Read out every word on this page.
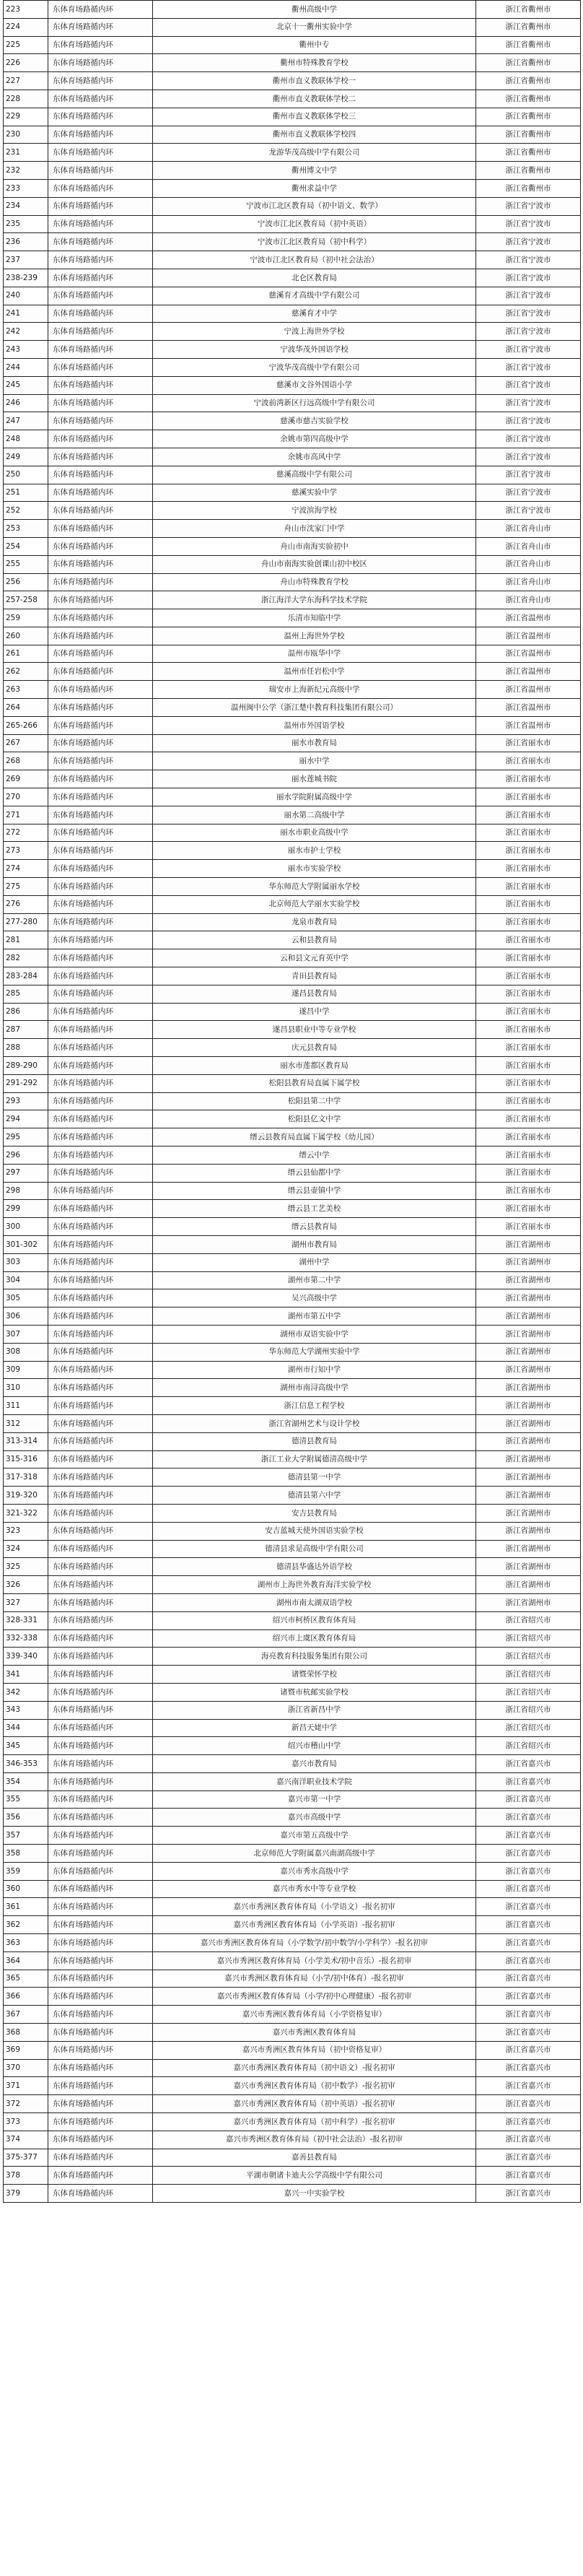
223	东体育场路循内环	衢州高级中学	浙江省衢州市
224	东体育场路循内环	北京十一衢州实验中学	浙江省衢州市
225	东体育场路循内环	衢州中专	浙江省衢州市
226	东体育场路循内环	衢州市特殊教育学校	浙江省衢州市
227	东体育场路循内环	衢州市直义教联体学校一	浙江省衢州市
228	东体育场路循内环	衢州市直义教联体学校二	浙江省衢州市
229	东体育场路循内环	衢州市直义教联体学校三	浙江省衢州市
230	东体育场路循内环	衢州市直义教联体学校四	浙江省衢州市
231	东体育场路循内环	龙游华茂高级中学有限公司	浙江省衢州市
232	东体育场路循内环	衢州博文中学	浙江省衢州市
233	东体育场路循内环	衢州求益中学	浙江省衢州市
234	东体育场路循内环	宁波市江北区教育局（初中语文、数学）	浙江省宁波市
235	东体育场路循内环	宁波市江北区教育局（初中英语）	浙江省宁波市
236	东体育场路循内环	宁波市江北区教育局（初中科学）	浙江省宁波市
237	东体育场路循内环	宁波市江北区教育局（初中社会法治）	浙江省宁波市
238-239	东体育场路循内环	北仑区教育局	浙江省宁波市
240	东体育场路循内环	慈溪育才高级中学有限公司	浙江省宁波市
241	东体育场路循内环	慈溪育才中学	浙江省宁波市
242	东体育场路循内环	宁波上海世外学校	浙江省宁波市
243	东体育场路循内环	宁波华茂外国语学校	浙江省宁波市
244	东体育场路循内环	宁波华茂高级中学有限公司	浙江省宁波市
245	东体育场路循内环	慈溪市文谷外国语小学	浙江省宁波市
246	东体育场路循内环	宁波前湾新区行远高级中学有限公司	浙江省宁波市
247	东体育场路循内环	慈溪市慈吉实验学校	浙江省宁波市
248	东体育场路循内环	余姚市第四高级中学	浙江省宁波市
249	东体育场路循内环	余姚市高风中学	浙江省宁波市
250	东体育场路循内环	慈溪高级中学有限公司	浙江省宁波市
251	东体育场路循内环	慈溪实验中学	浙江省宁波市
252	东体育场路循内环	宁波滨海学校	浙江省宁波市
253	东体育场路循内环	舟山市沈家门中学	浙江省舟山市
254	东体育场路循内环	舟山市南海实验初中	浙江省舟山市
255	东体育场路循内环	舟山市南海实验创课山初中校区	浙江省舟山市
256	东体育场路循内环	舟山市特殊教育学校	浙江省舟山市
257-258	东体育场路循内环	浙江海洋大学东海科学技术学院	浙江省舟山市
259	东体育场路循内环	乐清市知临中学	浙江省温州市
260	东体育场路循内环	温州上海世外学校	浙江省温州市
261	东体育场路循内环	温州市瓯华中学	浙江省温州市
262	东体育场路循内环	温州市任岩松中学	浙江省温州市
263	东体育场路循内环	瑞安市上海新纪元高级中学	浙江省温州市
264	东体育场路循内环	温州闽中公学（浙江楚中教育科技集团有限公司）	浙江省温州市
265-266	东体育场路循内环	温州市外国语学校	浙江省温州市
267	东体育场路循内环	丽水市教育局	浙江省丽水市
268	东体育场路循内环	丽水中学	浙江省丽水市
269	东体育场路循内环	丽水莲城书院	浙江省丽水市
270	东体育场路循内环	丽水学院附属高级中学	浙江省丽水市
271	东体育场路循内环	丽水第二高级中学	浙江省丽水市
272	东体育场路循内环	丽水市职业高级中学	浙江省丽水市
273	东体育场路循内环	丽水市护士学校	浙江省丽水市
274	东体育场路循内环	丽水市实验学校	浙江省丽水市
275	东体育场路循内环	华东师范大学附属丽水学校	浙江省丽水市
276	东体育场路循内环	北京师范大学丽水实验学校	浙江省丽水市
277-280	东体育场路循内环	龙泉市教育局	浙江省丽水市
281	东体育场路循内环	云和县教育局	浙江省丽水市
282	东体育场路循内环	云和县文元育英中学	浙江省丽水市
283-284	东体育场路循内环	青田县教育局	浙江省丽水市
285	东体育场路循内环	遂昌县教育局	浙江省丽水市
286	东体育场路循内环	遂昌中学	浙江省丽水市
287	东体育场路循内环	遂昌县职业中等专业学校	浙江省丽水市
288	东体育场路循内环	庆元县教育局	浙江省丽水市
289-290	东体育场路循内环	丽水市莲都区教育局	浙江省丽水市
291-292	东体育场路循内环	松阳县教育局直属下属学校	浙江省丽水市
293	东体育场路循内环	松阳县第二中学	浙江省丽水市
294	东体育场路循内环	松阳县亿文中学	浙江省丽水市
295	东体育场路循内环	缙云县教育局直属下属学校（幼儿园）	浙江省丽水市
296	东体育场路循内环	缙云中学	浙江省丽水市
297	东体育场路循内环	缙云县仙都中学	浙江省丽水市
298	东体育场路循内环	缙云县壶镇中学	浙江省丽水市
299	东体育场路循内环	缙云县工艺美校	浙江省丽水市
300	东体育场路循内环	缙云县教育局	浙江省丽水市
301-302	东体育场路循内环	湖州市教育局	浙江省湖州市
303	东体育场路循内环	湖州中学	浙江省湖州市
304	东体育场路循内环	湖州市第二中学	浙江省湖州市
305	东体育场路循内环	吴兴高级中学	浙江省湖州市
306	东体育场路循内环	湖州市第五中学	浙江省湖州市
307	东体育场路循内环	湖州市双语实验中学	浙江省湖州市
308	东体育场路循内环	华东师范大学湖州实验中学	浙江省湖州市
309	东体育场路循内环	湖州市行知中学	浙江省湖州市
310	东体育场路循内环	湖州市南浔高级中学	浙江省湖州市
311	东体育场路循内环	浙江信息工程学校	浙江省湖州市
312	东体育场路循内环	浙江省湖州艺术与设计学校	浙江省湖州市
313-314	东体育场路循内环	德清县教育局	浙江省湖州市
315-316	东体育场路循内环	浙江工业大学附属德清高级中学	浙江省湖州市
317-318	东体育场路循内环	德清县第一中学	浙江省湖州市
319-320	东体育场路循内环	德清县第六中学	浙江省湖州市
321-322	东体育场路循内环	安吉县教育局	浙江省湖州市
323	东体育场路循内环	安吉蓝城天使外国语实验学校	浙江省湖州市
324	东体育场路循内环	德清县求是高级中学有限公司	浙江省湖州市
325	东体育场路循内环	德清县华盛达外语学校	浙江省湖州市
326	东体育场路循内环	湖州市上海世外教育海洋实验学校	浙江省湖州市
327	东体育场路循内环	湖州市南太湖双语学校	浙江省湖州市
328-331	东体育场路循内环	绍兴市柯桥区教育体育局	浙江省绍兴市
332-338	东体育场路循内环	绍兴市上虞区教育体育局	浙江省绍兴市
339-340	东体育场路循内环	海亮教育科技服务集团有限公司	浙江省绍兴市
341	东体育场路循内环	诸暨荣怀学校	浙江省绍兴市
342	东体育场路循内环	诸暨市杭邮实验学校	浙江省绍兴市
343	东体育场路循内环	浙江省新昌中学	浙江省绍兴市
344	东体育场路循内环	新昌天姥中学	浙江省绍兴市
345	东体育场路循内环	绍兴市稽山中学	浙江省绍兴市
346-353	东体育场路循内环	嘉兴市教育局	浙江省嘉兴市
354	东体育场路循内环	嘉兴南洋职业技术学院	浙江省嘉兴市
355	东体育场路循内环	嘉兴市第一中学	浙江省嘉兴市
356	东体育场路循内环	嘉兴市高级中学	浙江省嘉兴市
357	东体育场路循内环	嘉兴市第五高级中学	浙江省嘉兴市
358	东体育场路循内环	北京师范大学附属嘉兴南湖高级中学	浙江省嘉兴市
359	东体育场路循内环	嘉兴市秀水高级中学	浙江省嘉兴市
360	东体育场路循内环	嘉兴市秀水中等专业学校	浙江省嘉兴市
361	东体育场路循内环	嘉兴市秀洲区教育体育局（小学语文）-报名初审	浙江省嘉兴市
362	东体育场路循内环	嘉兴市秀洲区教育体育局（小学英语）-报名初审	浙江省嘉兴市
363	东体育场路循内环	嘉兴市秀洲区教育体育局（小学数学/初中数学/小学科学）-报名初审	浙江省嘉兴市
364	东体育场路循内环	嘉兴市秀洲区教育体育局（小学美术/初中音乐）-报名初审	浙江省嘉兴市
365	东体育场路循内环	嘉兴市秀洲区教育体育局（小学/初中体育）-报名初审	浙江省嘉兴市
366	东体育场路循内环	嘉兴市秀洲区教育体育局（小学/初中心理健康）-报名初审	浙江省嘉兴市
367	东体育场路循内环	嘉兴市秀洲区教育体育局（小学资格复审）	浙江省嘉兴市
368	东体育场路循内环	嘉兴市秀洲区教育体育局	浙江省嘉兴市
369	东体育场路循内环	嘉兴市秀洲区教育体育局（初中资格复审）	浙江省嘉兴市
370	东体育场路循内环	嘉兴市秀洲区教育体育局（初中语文）-报名初审	浙江省嘉兴市
371	东体育场路循内环	嘉兴市秀洲区教育体育局（初中数学）-报名初审	浙江省嘉兴市
372	东体育场路循内环	嘉兴市秀洲区教育体育局（初中英语）-报名初审	浙江省嘉兴市
373	东体育场路循内环	嘉兴市秀洲区教育体育局（初中科学）-报名初审	浙江省嘉兴市
374	东体育场路循内环	嘉兴市秀洲区教育体育局（初中社会法治）-报名初审	浙江省嘉兴市
375-377	东体育场路循内环	嘉善县教育局	浙江省嘉兴市
378	东体育场路循内环	平湖市朝诸卡迪夫公学高级中学有限公司	浙江省嘉兴市
379	东体育场路循内环	嘉兴一中实验学校	浙江省嘉兴市
